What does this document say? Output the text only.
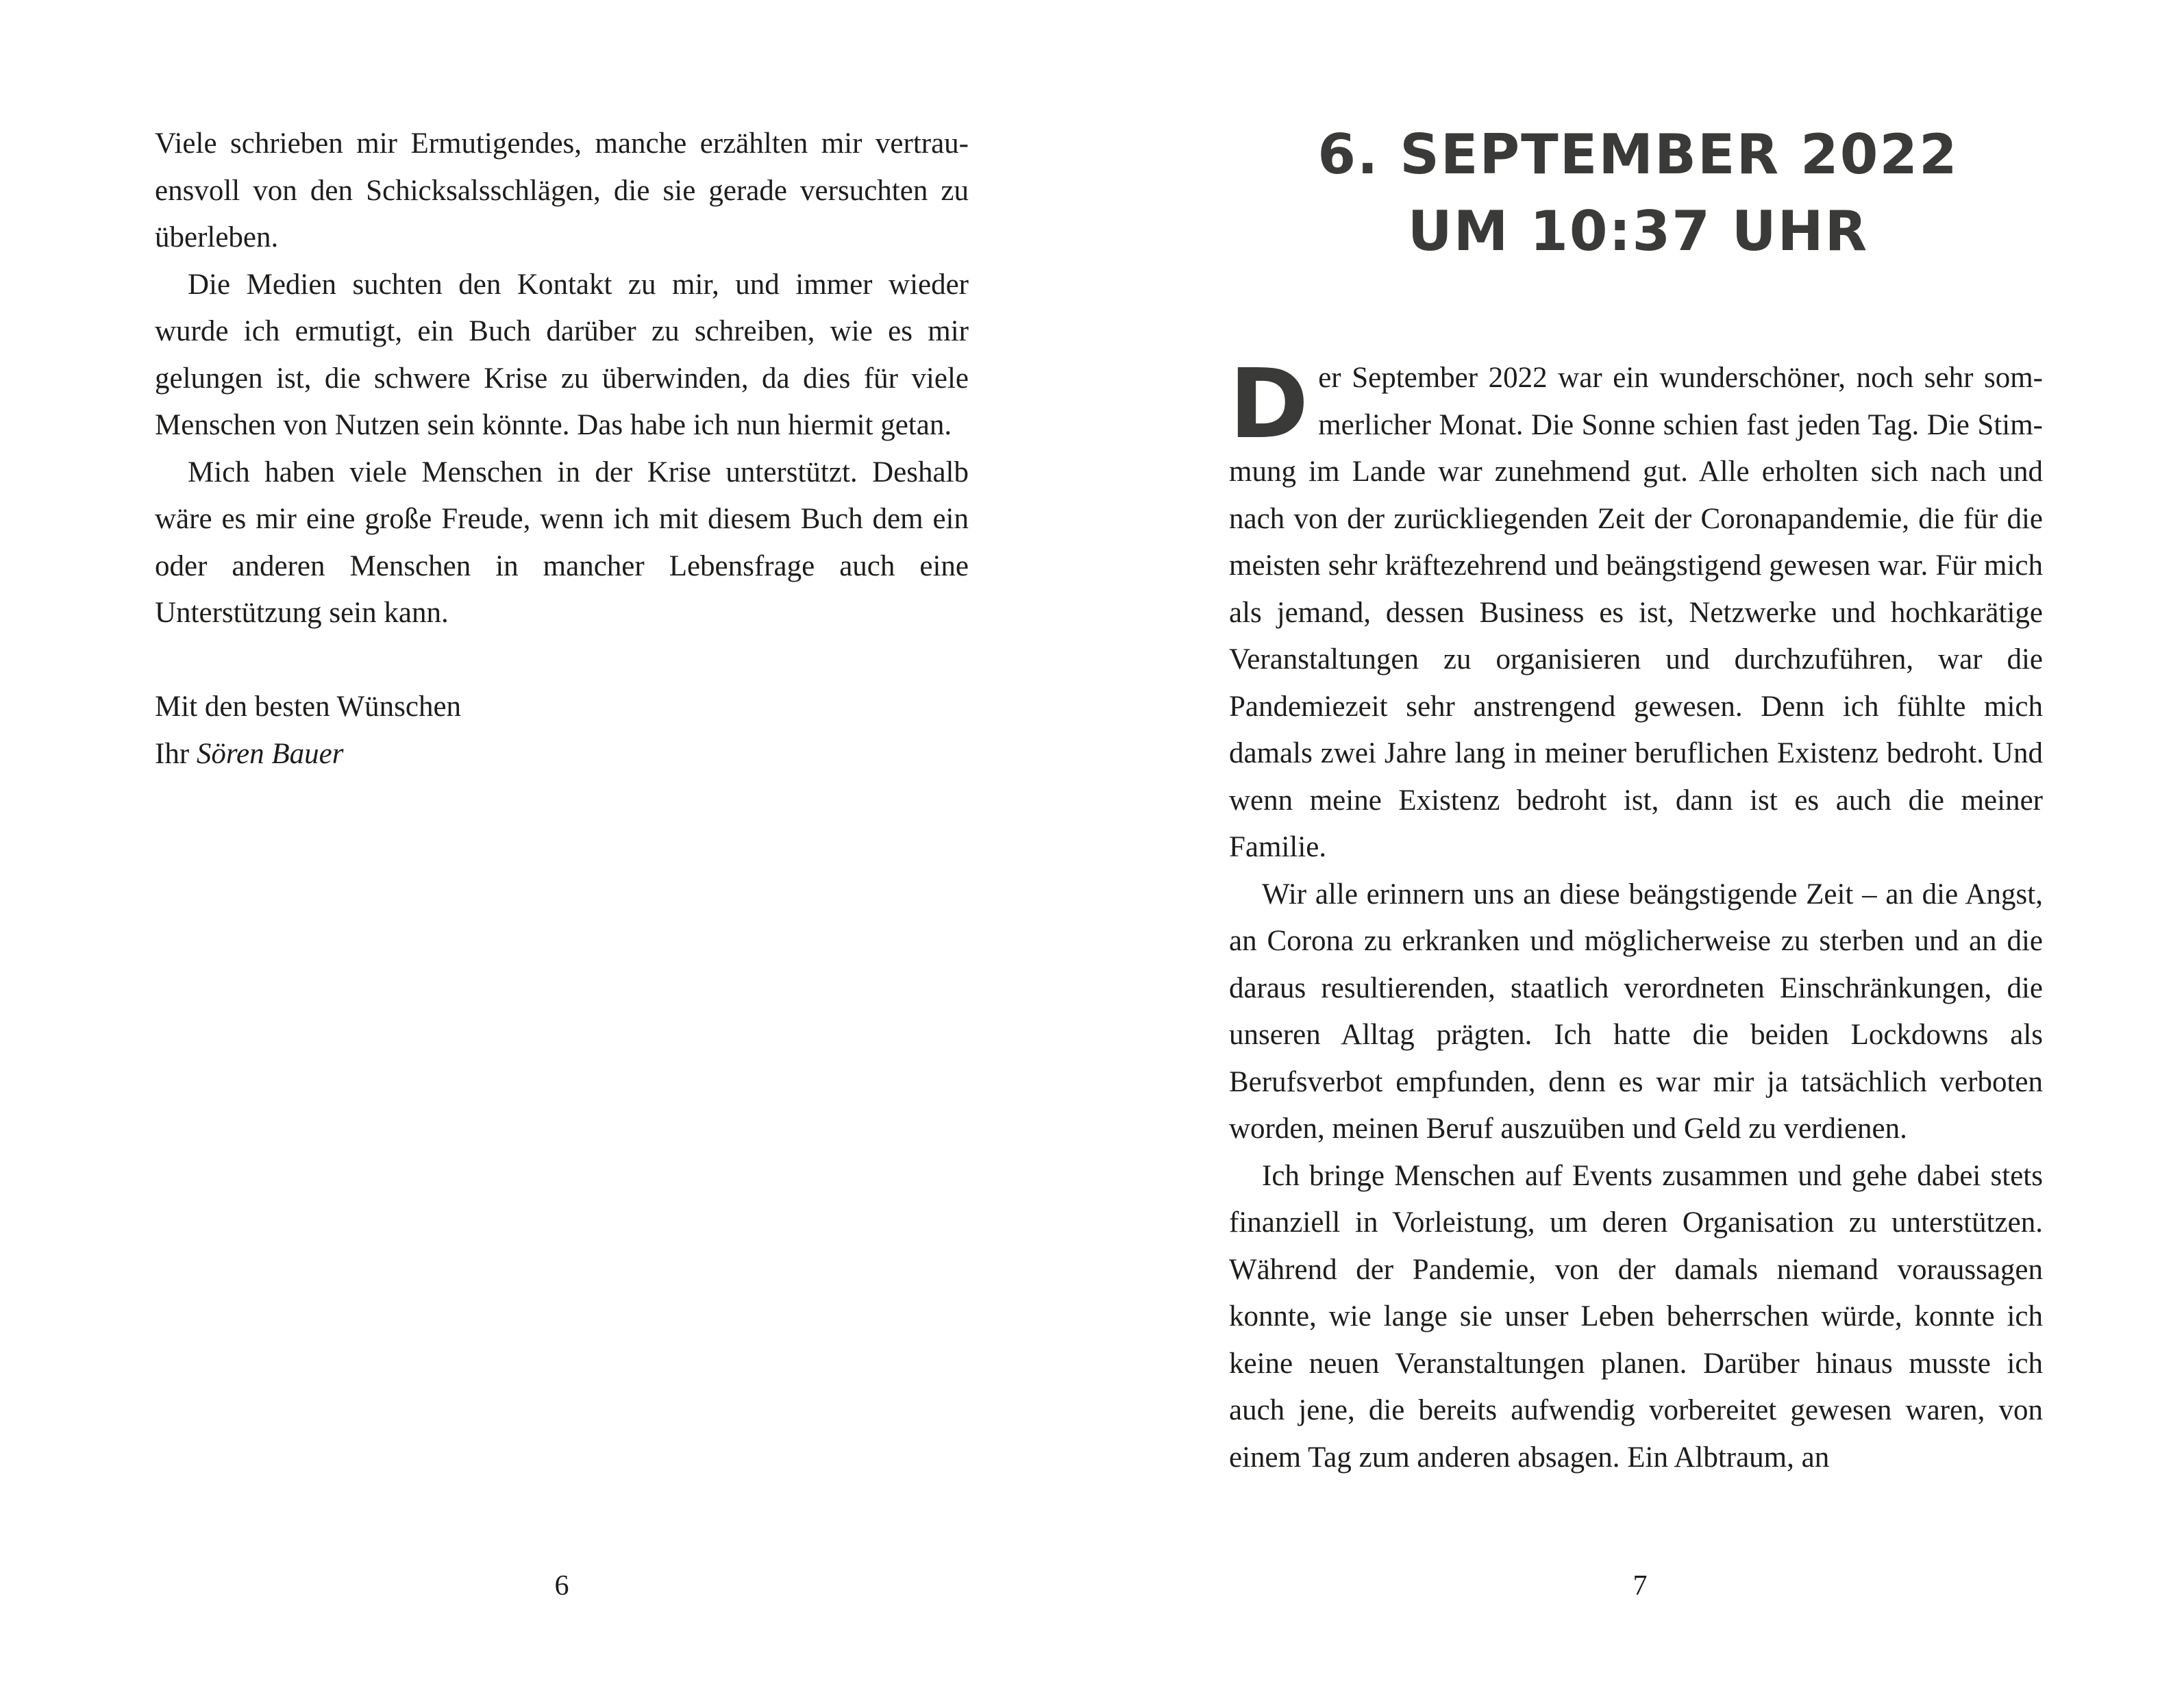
Viele schrieben mir Ermutigendes, manche erzählten mir vertrauensvoll von den Schicksalsschlägen, die sie gerade versuchten zu überleben.

Die Medien suchten den Kontakt zu mir, und immer wieder wurde ich ermutigt, ein Buch darüber zu schreiben, wie es mir gelungen ist, die schwere Krise zu überwinden, da dies für viele Menschen von Nutzen sein könnte. Das habe ich nun hiermit getan.

Mich haben viele Menschen in der Krise unterstützt. Deshalb wäre es mir eine große Freude, wenn ich mit diesem Buch dem ein oder anderen Menschen in mancher Lebensfrage auch eine Unterstützung sein kann.

Mit den besten Wünschen

Ihr Sören Bauer

6
6. SEPTEMBER 2022
UM 10:37 UHR

Der September 2022 war ein wunderschöner, noch sehr sommerlicher Monat. Die Sonne schien fast jeden Tag. Die Stimmung im Lande war zunehmend gut. Alle erholten sich nach und nach von der zurückliegenden Zeit der Coronapandemie, die für die meisten sehr kräftezehrend und beängstigend gewesen war. Für mich als jemand, dessen Business es ist, Netzwerke und hochkarätige Veranstaltungen zu organisieren und durchzuführen, war die Pandemiezeit sehr anstrengend gewesen. Denn ich fühlte mich damals zwei Jahre lang in meiner beruflichen Existenz bedroht. Und wenn meine Existenz bedroht ist, dann ist es auch die meiner Familie.

Wir alle erinnern uns an diese beängstigende Zeit – an die Angst, an Corona zu erkranken und möglicherweise zu sterben und an die daraus resultierenden, staatlich verordneten Einschränkungen, die unseren Alltag prägten. Ich hatte die beiden Lockdowns als Berufsverbot empfunden, denn es war mir ja tatsächlich verboten worden, meinen Beruf auszuüben und Geld zu verdienen.

Ich bringe Menschen auf Events zusammen und gehe dabei stets finanziell in Vorleistung, um deren Organisation zu unterstützen. Während der Pandemie, von der damals niemand voraussagen konnte, wie lange sie unser Leben beherrschen würde, konnte ich keine neuen Veranstaltungen planen. Darüber hinaus musste ich auch jene, die bereits aufwendig vorbereitet gewesen waren, von einem Tag zum anderen absagen. Ein Albtraum, an

7
